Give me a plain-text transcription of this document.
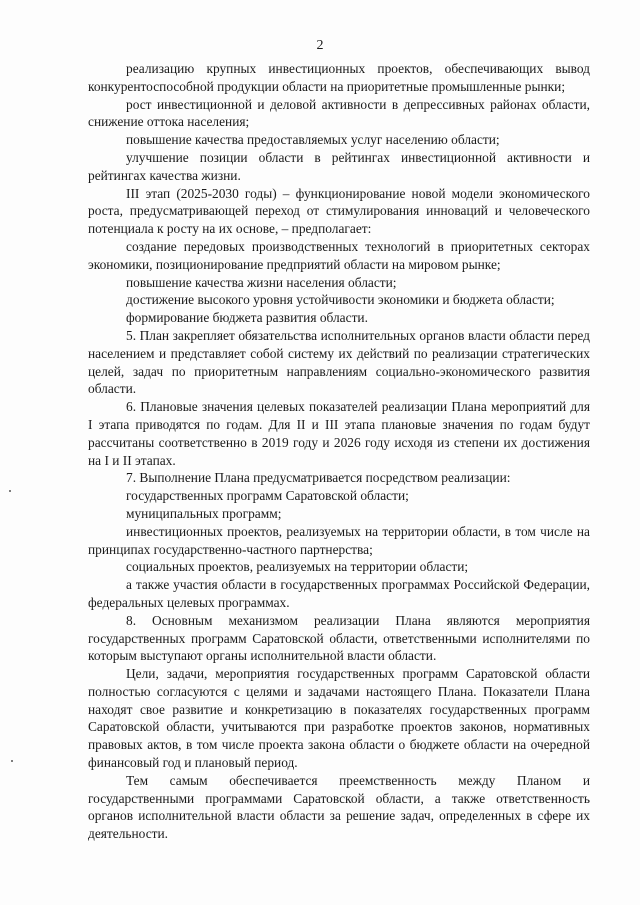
2

реализацию крупных инвестиционных проектов, обеспечивающих вывод конкурентоспособной продукции области на приоритетные промышленные рынки;

рост инвестиционной и деловой активности в депрессивных районах области, снижение оттока населения;

повышение качества предоставляемых услуг населению области;

улучшение позиции области в рейтингах инвестиционной активности и рейтингах качества жизни.

III этап (2025-2030 годы) – функционирование новой модели экономического роста, предусматривающей переход от стимулирования инноваций и человеческого потенциала к росту на их основе, – предполагает:

создание передовых производственных технологий в приоритетных секторах экономики, позиционирование предприятий области на мировом рынке;

повышение качества жизни населения области;

достижение высокого уровня устойчивости экономики и бюджета области;

формирование бюджета развития области.

5. План закрепляет обязательства исполнительных органов власти области перед населением и представляет собой систему их действий по реализации стратегических целей, задач по приоритетным направлениям социально-экономического развития области.

6. Плановые значения целевых показателей реализации Плана мероприятий для I этапа приводятся по годам. Для II и III этапа плановые значения по годам будут рассчитаны соответственно в 2019 году и 2026 году исходя из степени их достижения на I и II этапах.

7. Выполнение Плана предусматривается посредством реализации:

государственных программ Саратовской области;

муниципальных программ;

инвестиционных проектов, реализуемых на территории области, в том числе на принципах государственно-частного партнерства;

социальных проектов, реализуемых на территории области;

а также участия области в государственных программах Российской Федерации, федеральных целевых программах.

8. Основным механизмом реализации Плана являются мероприятия государственных программ Саратовской области, ответственными исполнителями по которым выступают органы исполнительной власти области.

Цели, задачи, мероприятия государственных программ Саратовской области полностью согласуются с целями и задачами настоящего Плана. Показатели Плана находят свое развитие и конкретизацию в показателях государственных программ Саратовской области, учитываются при разработке проектов законов, нормативных правовых актов, в том числе проекта закона области о бюджете области на очередной финансовый год и плановый период.

Тем самым обеспечивается преемственность между Планом и государственными программами Саратовской области, а также ответственность органов исполнительной власти области за решение задач, определенных в сфере их деятельности.
